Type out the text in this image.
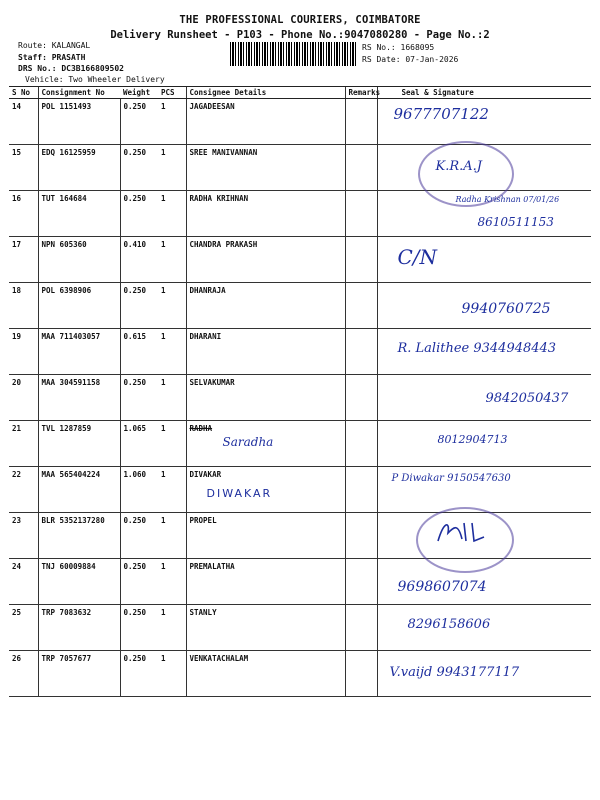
THE PROFESSIONAL COURIERS, COIMBATORE
Delivery Runsheet - P103 - Phone No.:9047080280 - Page No.:2
Route: KALANGAL
Staff: PRASATH
DRS No.: DC3B166809502
Vehicle: Two Wheeler Delivery
RS No.: 1668095
RS Date: 07-Jan-2026
S No	Consignment No	Weight	PCS	Consignee Details	Remarks	Seal & Signature
14	POL 1151493	0.250	1	JAGADEESAN		9677707122

15	EDQ 16125959	0.250	1	SREE MANIVANNAN		K.R.A.J

16	TUT 164684	0.250	1	RADHA KRIHNAN		Radha Krishnan 07/01/26
8610511153

17	NPN 605360	0.410	1	CHANDRA PRAKASH		C/N

18	POL 6398906	0.250	1	DHANRAJA		9940760725

19	MAA 711403057	0.615	1	DHARANI		R. Lalithee 9344948443

20	MAA 304591158	0.250	1	SELVAKUMAR		9842050437

21	TVL 1287859	1.065	1	RADHA
Saradha		8012904713

22	MAA 565404224	1.060	1	DIVAKAR
DIWAKAR		P Diwakar 9150547630

23	BLR 5352137280	0.250	1	PROPEL		

24	TNJ 60009884	0.250	1	PREMALATHA		9698607074

25	TRP 7083632	0.250	1	STANLY		8296158606

26	TRP 7057677	0.250	1	VENKATACHALAM		V.vaijd 9943177117
